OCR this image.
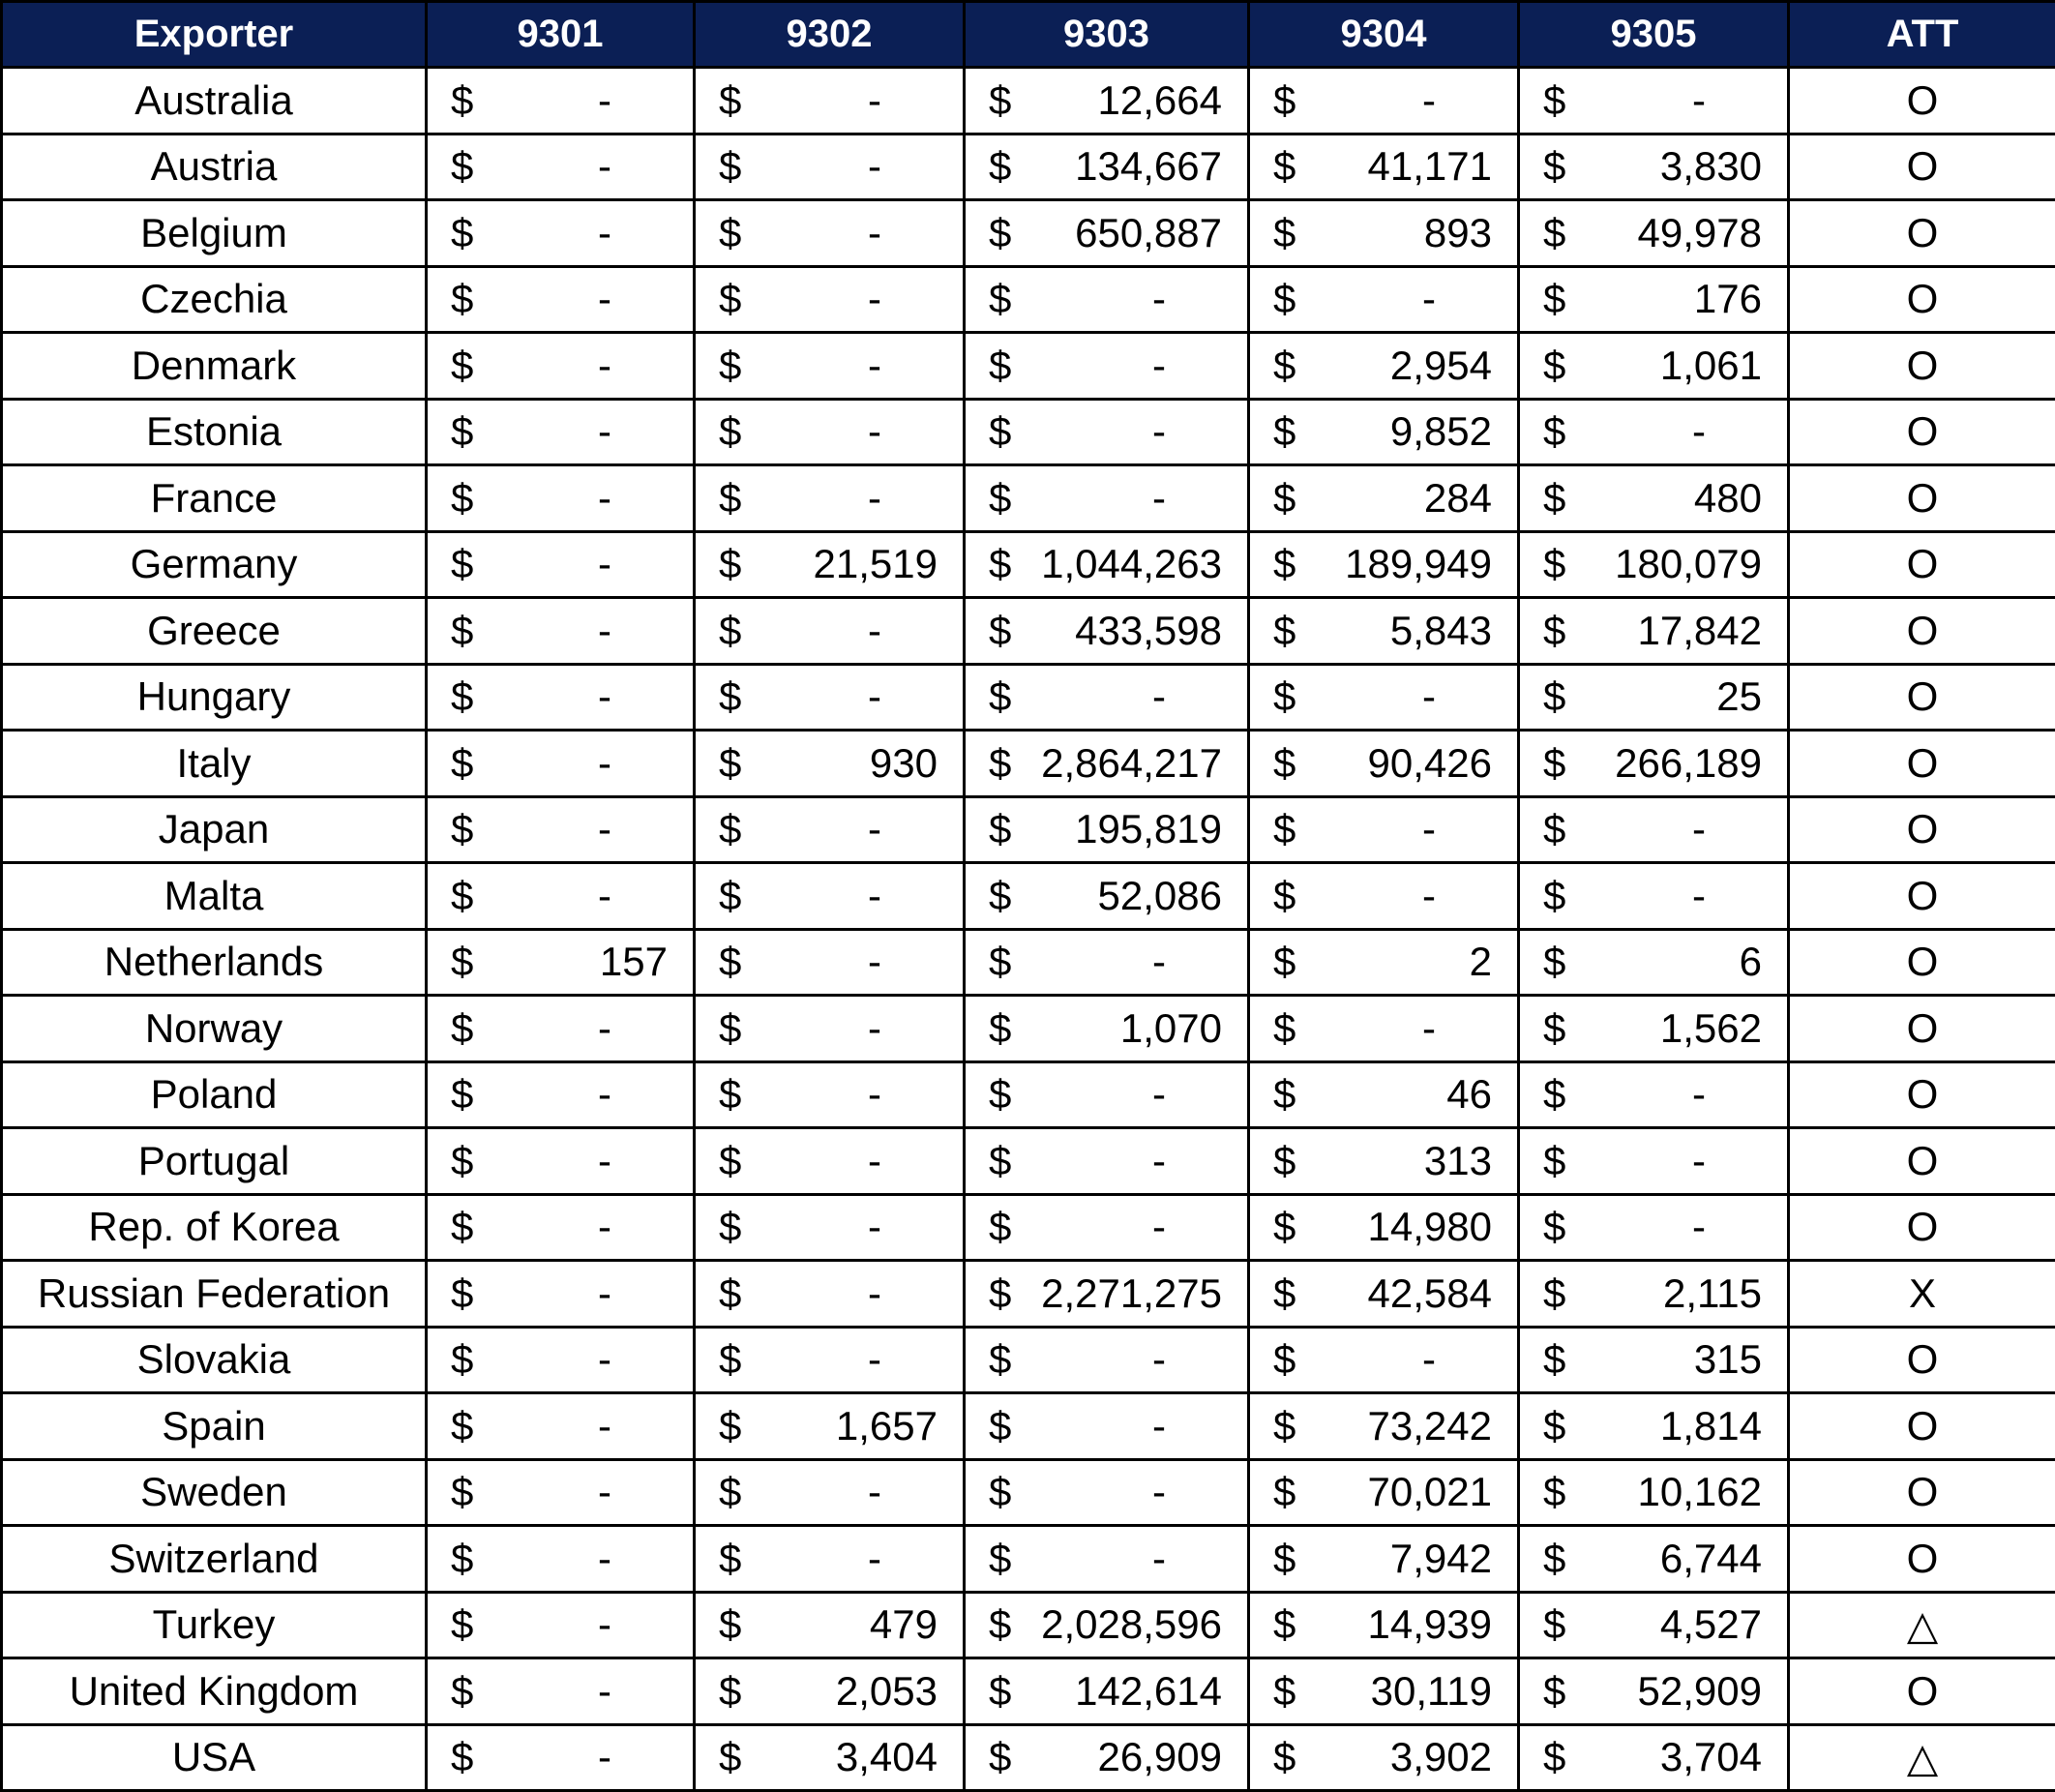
Exporter	9301	9302	9303	9304	9305	ATT
Australia	$ -	$ -	$ 12,664	$ -	$ -	O
Austria	$ -	$ -	$ 134,667	$ 41,171	$ 3,830	O
Belgium	$ -	$ -	$ 650,887	$ 893	$ 49,978	O
Czechia	$ -	$ -	$ -	$ -	$ 176	O
Denmark	$ -	$ -	$ -	$ 2,954	$ 1,061	O
Estonia	$ -	$ -	$ -	$ 9,852	$ -	O
France	$ -	$ -	$ -	$ 284	$ 480	O
Germany	$ -	$ 21,519	$ 1,044,263	$ 189,949	$ 180,079	O
Greece	$ -	$ -	$ 433,598	$ 5,843	$ 17,842	O
Hungary	$ -	$ -	$ -	$ -	$ 25	O
Italy	$ -	$ 930	$ 2,864,217	$ 90,426	$ 266,189	O
Japan	$ -	$ -	$ 195,819	$ -	$ -	O
Malta	$ -	$ -	$ 52,086	$ -	$ -	O
Netherlands	$ 157	$ -	$ -	$ 2	$ 6	O
Norway	$ -	$ -	$ 1,070	$ -	$ 1,562	O
Poland	$ -	$ -	$ -	$ 46	$ -	O
Portugal	$ -	$ -	$ -	$ 313	$ -	O
Rep. of Korea	$ -	$ -	$ -	$ 14,980	$ -	O
Russian Federation	$ -	$ -	$ 2,271,275	$ 42,584	$ 2,115	X
Slovakia	$ -	$ -	$ -	$ -	$ 315	O
Spain	$ -	$ 1,657	$ -	$ 73,242	$ 1,814	O
Sweden	$ -	$ -	$ -	$ 70,021	$ 10,162	O
Switzerland	$ -	$ -	$ -	$ 7,942	$ 6,744	O
Turkey	$ -	$ 479	$ 2,028,596	$ 14,939	$ 4,527	△
United Kingdom	$ -	$ 2,053	$ 142,614	$ 30,119	$ 52,909	O
USA	$ -	$ 3,404	$ 26,909	$ 3,902	$ 3,704	△
